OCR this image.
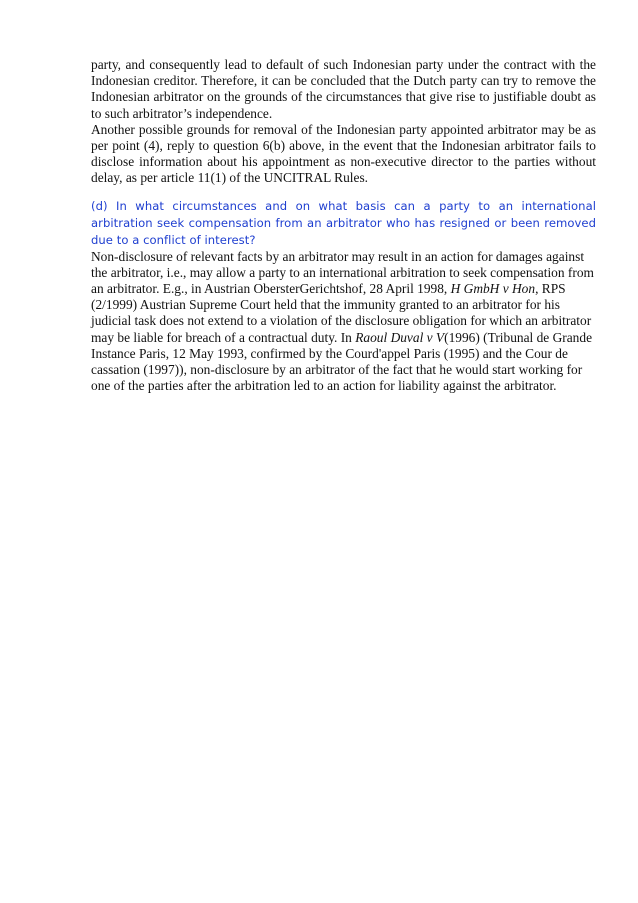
party, and consequently lead to default of such Indonesian party under the contract with the Indonesian creditor. Therefore, it can be concluded that the Dutch party can try to remove the Indonesian arbitrator on the grounds of the circumstances that give rise to justifiable doubt as to such arbitrator’s independence.

Another possible grounds for removal of the Indonesian party appointed arbitrator may be as per point (4), reply to question 6(b) above, in the event that the Indonesian arbitrator fails to disclose information about his appointment as non-executive director to the parties without delay, as per article 11(1) of the UNCITRAL Rules.

(d) In what circumstances and on what basis can a party to an international arbitration seek compensation from an arbitrator who has resigned or been removed due to a conflict of interest?

Non-disclosure of relevant facts by an arbitrator may result in an action for damages against the arbitrator, i.e., may allow a party to an international arbitration to seek compensation from an arbitrator. E.g., in Austrian ObersterGerichtshof, 28 April 1998, H GmbH v Hon, RPS (2/1999) Austrian Supreme Court held that the immunity granted to an arbitrator for his judicial task does not extend to a violation of the disclosure obligation for which an arbitrator may be liable for breach of a contractual duty. In Raoul Duval v V(1996) (Tribunal de Grande Instance Paris, 12 May 1993, confirmed by the Courd'appel Paris (1995) and the Cour de cassation (1997)), non-disclosure by an arbitrator of the fact that he would start working for one of the parties after the arbitration led to an action for liability against the arbitrator.
